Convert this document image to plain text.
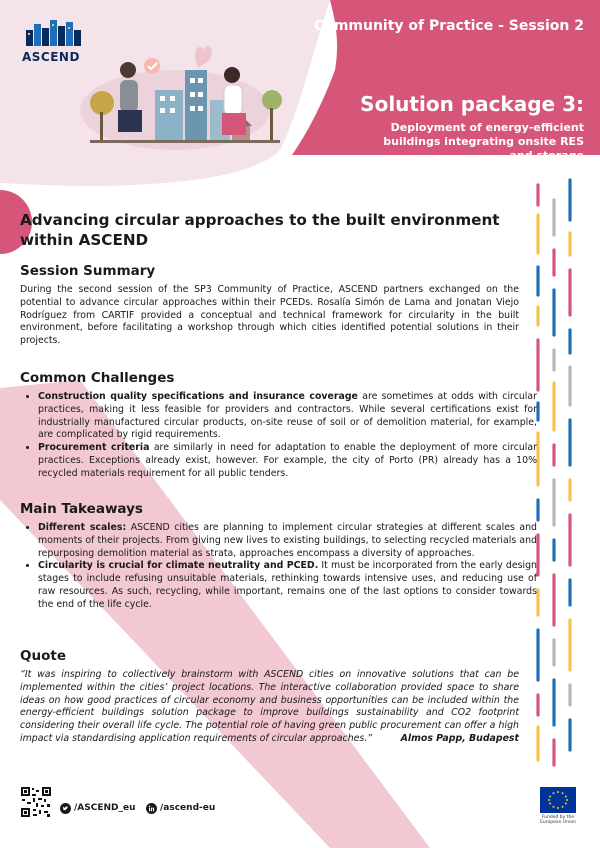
ASCEND
Community of Practice - Session 2
Solution package 3:
Deployment of energy-efficient buildings integrating onsite RES and storage
Advancing circular approaches to the built environment within ASCEND
Session Summary

During the second session of the SP3 Community of Practice, ASCEND partners exchanged on the potential to advance circular approaches within their PCEDs. Rosalía Simón de Lama and Jonatan Viejo Rodríguez from CARTIF provided a conceptual and technical framework for circularity in the built environment, before facilitating a workshop through which cities identified potential solutions in their projects.

Common Challenges
• Construction quality specifications and insurance coverage are sometimes at odds with circular practices, making it less feasible for providers and contractors. While several certifications exist for industrially manufactured circular products, on-site reuse of soil or of demolition material, for example, are complicated by rigid requirements.
• Procurement criteria are similarly in need for adaptation to enable the deployment of more circular practices. Exceptions already exist, however. For example, the city of Porto (PR) already has a 10% recycled materials requirement for all public tenders.
Main Takeaways
• Different scales: ASCEND cities are planning to implement circular strategies at different scales and moments of their projects. From giving new lives to existing buildings, to selecting recycled materials and repurposing demolition material as strata, approaches encompass a diversity of approaches.
• Circularity is crucial for climate neutrality and PCED. It must be incorporated from the early design stages to include refusing unsuitable materials, rethinking towards intensive uses, and reducing use of raw resources. As such, recycling, while important, remains one of the last options to consider towards the end of the life cycle.
Quote

“It was inspiring to collectively brainstorm with ASCEND cities on innovative solutions that can be implemented within the cities’ project locations. The interactive collaboration provided space to share ideas on how good practices of circular economy and business opportunities can be included within the energy-efficient buildings solution package to improve buildings sustainability and CO2 footprint considering their overall life cycle. The potential role of having green public procurement can offer a high impact via standardising application requirements of circular approaches.”	Almos Papp, Budapest

/ASCEND_eu	/ascend-eu
Funded by the European Union
